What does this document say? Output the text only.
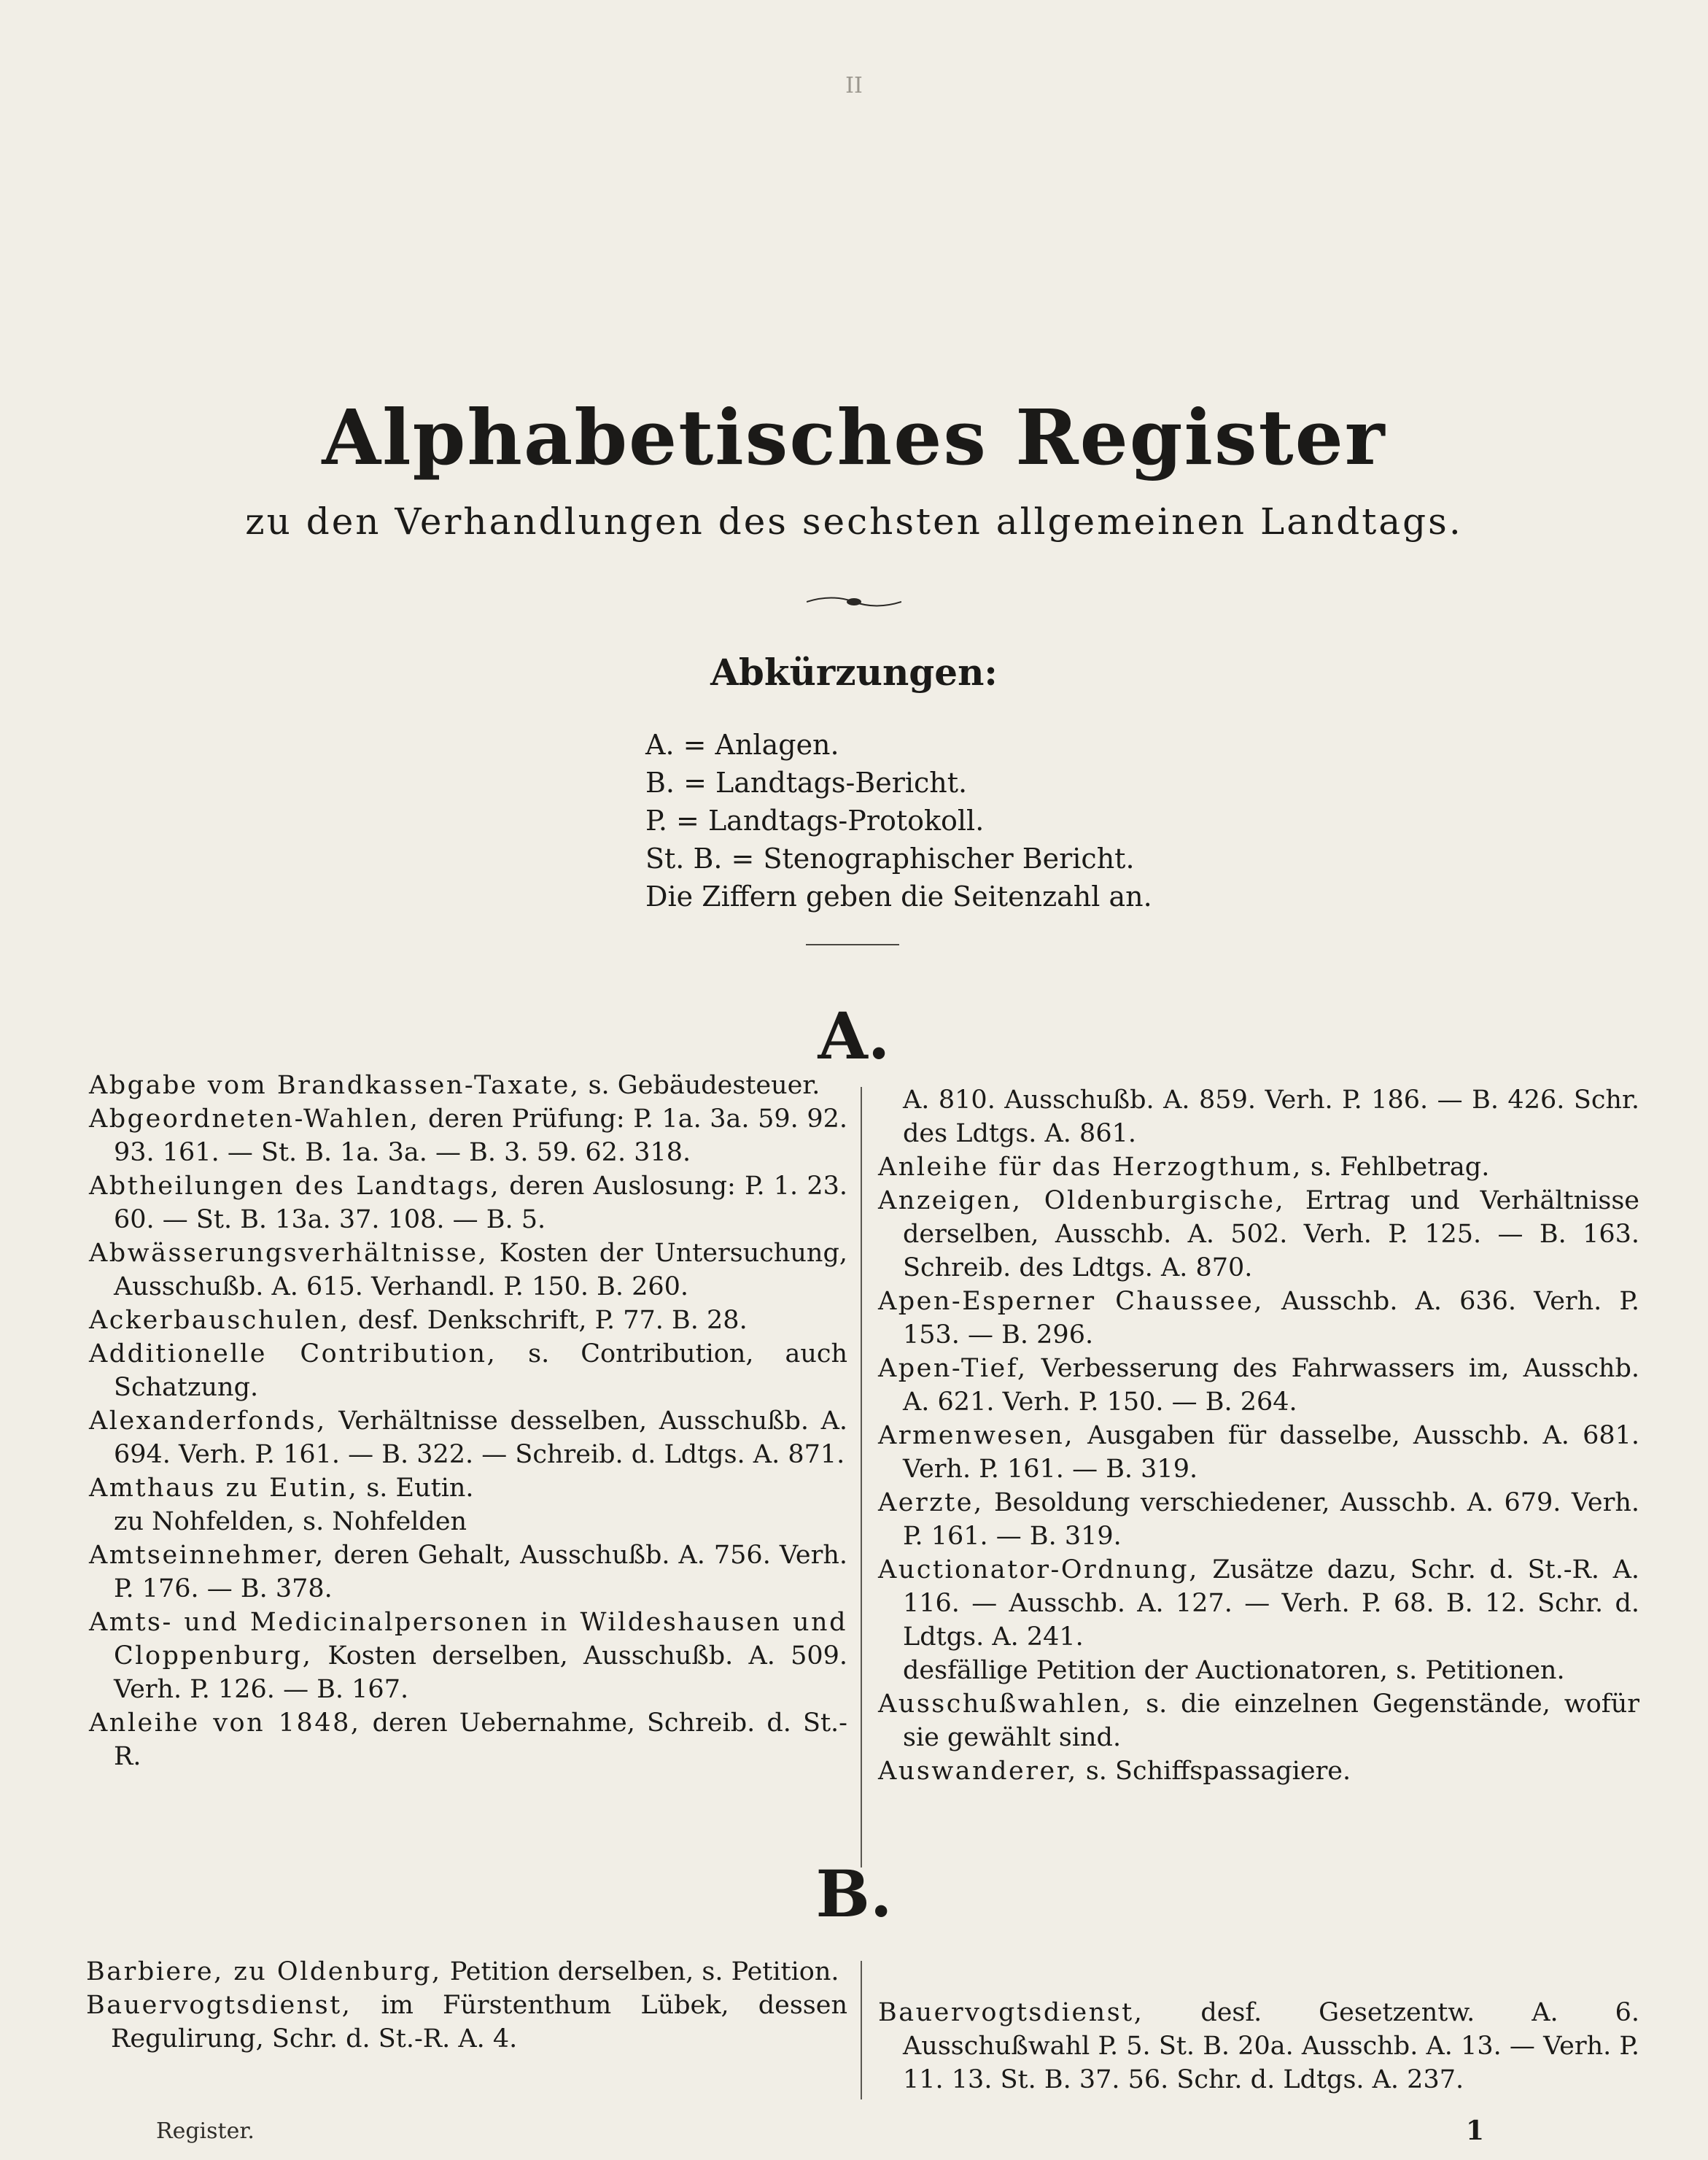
II
Alphabetisches Register
zu den Verhandlungen des sechsten allgemeinen Landtags.
Abkürzungen:
A. = Anlagen.
B. = Landtags-Bericht.
P. = Landtags-Protokoll.
St. B. = Stenographischer Bericht.
Die Ziffern geben die Seitenzahl an.
A.

Abgabe vom Brandkassen-Taxate, s. Gebäudesteuer.

Abgeordneten-Wahlen, deren Prüfung: P. 1a. 3a. 59. 92. 93. 161. — St. B. 1a. 3a. — B. 3. 59. 62. 318.

Abtheilungen des Landtags, deren Auslosung: P. 1. 23. 60. — St. B. 13a. 37. 108. — B. 5.

Abwässerungsverhältnisse, Kosten der Untersuchung, Ausschußb. A. 615. Verhandl. P. 150. B. 260.

Ackerbauschulen, desf. Denkschrift, P. 77. B. 28.

Additionelle Contribution, s. Contribution, auch Schatzung.

Alexanderfonds, Verhältnisse desselben, Ausschußb. A. 694. Verh. P. 161. — B. 322. — Schreib. d. Ldtgs. A. 871.

Amthaus zu Eutin, s. Eutin.

zu Nohfelden, s. Nohfelden

Amtseinnehmer, deren Gehalt, Ausschußb. A. 756. Verh. P. 176. — B. 378.

Amts- und Medicinalpersonen in Wildeshausen und Cloppenburg, Kosten derselben, Ausschußb. A. 509. Verh. P. 126. — B. 167.

Anleihe von 1848, deren Uebernahme, Schreib. d. St.-R.

A. 810. Ausschußb. A. 859. Verh. P. 186. — B. 426. Schr. des Ldtgs. A. 861.

Anleihe für das Herzogthum, s. Fehlbetrag.

Anzeigen, Oldenburgische, Ertrag und Verhältnisse derselben, Ausschb. A. 502. Verh. P. 125. — B. 163. Schreib. des Ldtgs. A. 870.

Apen-Esperner Chaussee, Ausschb. A. 636. Verh. P. 153. — B. 296.

Apen-Tief, Verbesserung des Fahrwassers im, Ausschb. A. 621. Verh. P. 150. — B. 264.

Armenwesen, Ausgaben für dasselbe, Ausschb. A. 681. Verh. P. 161. — B. 319.

Aerzte, Besoldung verschiedener, Ausschb. A. 679. Verh. P. 161. — B. 319.

Auctionator-Ordnung, Zusätze dazu, Schr. d. St.-R. A. 116. — Ausschb. A. 127. — Verh. P. 68. B. 12. Schr. d. Ldtgs. A. 241.

desfällige Petition der Auctionatoren, s. Petitionen.

Ausschußwahlen, s. die einzelnen Gegenstände, wofür sie gewählt sind.

Auswanderer, s. Schiffspassagiere.

B.

Barbiere, zu Oldenburg, Petition derselben, s. Petition.

Bauervogtsdienst, im Fürstenthum Lübek, dessen Regulirung, Schr. d. St.-R. A. 4.

Bauervogtsdienst, desf. Gesetzentw. A. 6. Ausschußwahl P. 5. St. B. 20a. Ausschb. A. 13. — Verh. P. 11. 13. St. B. 37. 56. Schr. d. Ldtgs. A. 237.

Register.	1
